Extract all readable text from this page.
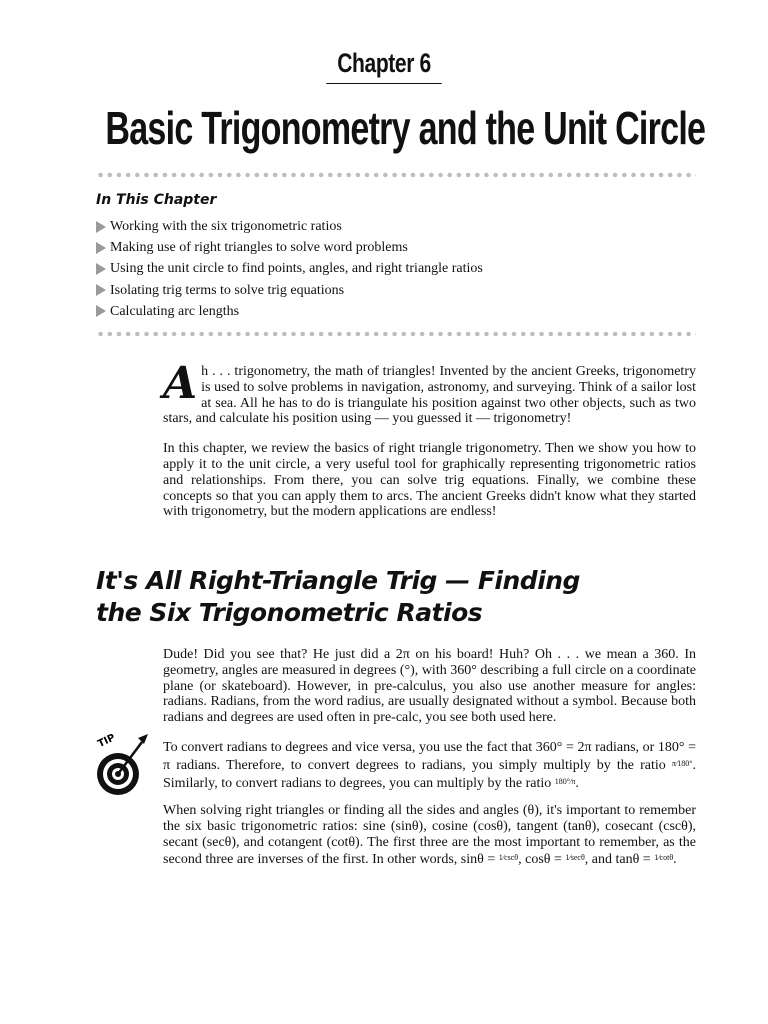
Chapter 6
Basic Trigonometry and the Unit Circle
In This Chapter
Working with the six trigonometric ratios
Making use of right triangles to solve word problems
Using the unit circle to find points, angles, and right triangle ratios
Isolating trig terms to solve trig equations
Calculating arc lengths

Ah . . . trigonometry, the math of triangles! Invented by the ancient Greeks, trigonometry is used to solve problems in navigation, astronomy, and surveying. Think of a sailor lost at sea. All he has to do is triangulate his position against two other objects, such as two stars, and calculate his position using — you guessed it — trigonometry!

In this chapter, we review the basics of right triangle trigonometry. Then we show you how to apply it to the unit circle, a very useful tool for graphically representing trigonometric ratios and relationships. From there, you can solve trig equations. Finally, we combine these concepts so that you can apply them to arcs. The ancient Greeks didn't know what they started with trigonometry, but the modern applications are endless!

It's All Right-Triangle Trig — Finding
the Six Trigonometric Ratios
Dude! Did you see that? He just did a 2π on his board! Huh? Oh . . . we mean a 360. In geometry, angles are measured in degrees (°), with 360° describing a full circle on a coordinate plane (or skateboard). However, in pre-calculus, you also use another measure for angles: radians. Radians, from the word radius, are usually designated without a symbol. Because both radians and degrees are used often in pre-calc, you see both used here.
TIP	To convert radians to degrees and vice versa, you use the fact that 360° = 2π radians, or 180° = π radians. Therefore, to convert degrees to radians, you simply multiply by the ratio $^{\pi⁄180^\circ}$. Similarly, to convert radians to degrees, you can multiply by the ratio $^{180^\circ⁄\pi}$.
When solving right triangles or finding all the sides and angles (θ), it's important to remember the six basic trigonometric ratios: sine (sinθ), cosine (cosθ), tangent (tanθ), cosecant (cscθ), secant (secθ), and cotangent (cotθ). The first three are the most important to remember, as the second three are inverses of the first. In other words, sinθ = $^{1⁄csc\theta}$, cosθ = $^{1⁄sec\theta}$, and tanθ = $^{1⁄cot\theta}$.
